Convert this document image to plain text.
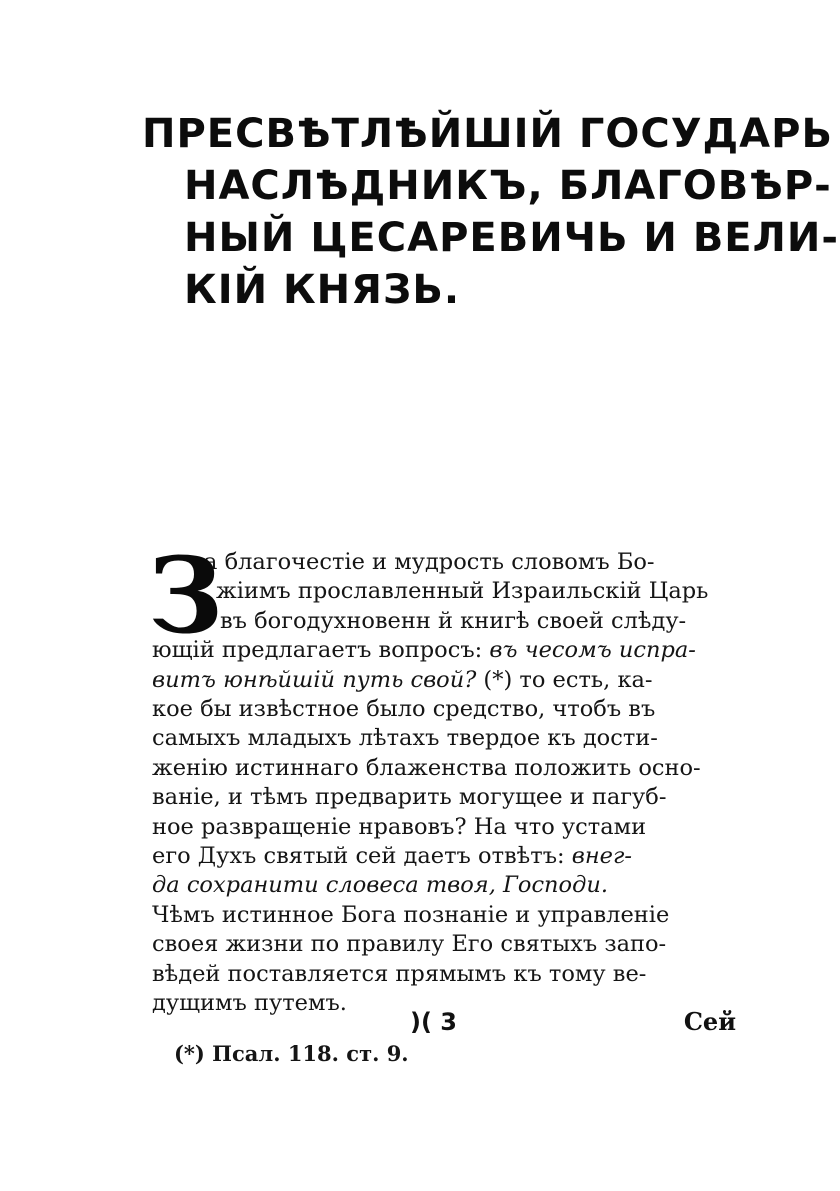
ПРЕСВѢТЛѢЙШІЙ ГОСУДАРЬ
НАСЛѢДНИКЪ, БЛАГОВѢР-
НЫЙ ЦЕСАРЕВИЧЬ И ВЕЛИ-
КІЙ КНЯЗЬ.
З
а благочестіе и мудрость словомъ Бо-
жіимъ прославленный Израильскій Царь
въ богодухновенн й книгѣ своей слѣду-
ющій предлагаетъ вопросъ: въ чесомъ испра-
витъ юнѣйшій путь свой? (*) то есть, ка-
кое бы извѣстное было средство, чтобъ въ
самыхъ младыхъ лѣтахъ твердое къ дости-
женію истиннаго блаженства положить осно-
ваніе, и тѣмъ предварить могущее и пагуб-
ное развращеніе нравовъ? На что устами
его Духъ святый сей даетъ отвѣтъ: внег-
да сохранити словеса твоя, Господи.
Чѣмъ истинное Бога познаніе и управленіе
своея жизни по правилу Его святыхъ запо-
вѣдей поставляется прямымъ къ тому ве-
дущимъ путемъ.
)( 3	Сей
(*) Псал. 118. ст. 9.
